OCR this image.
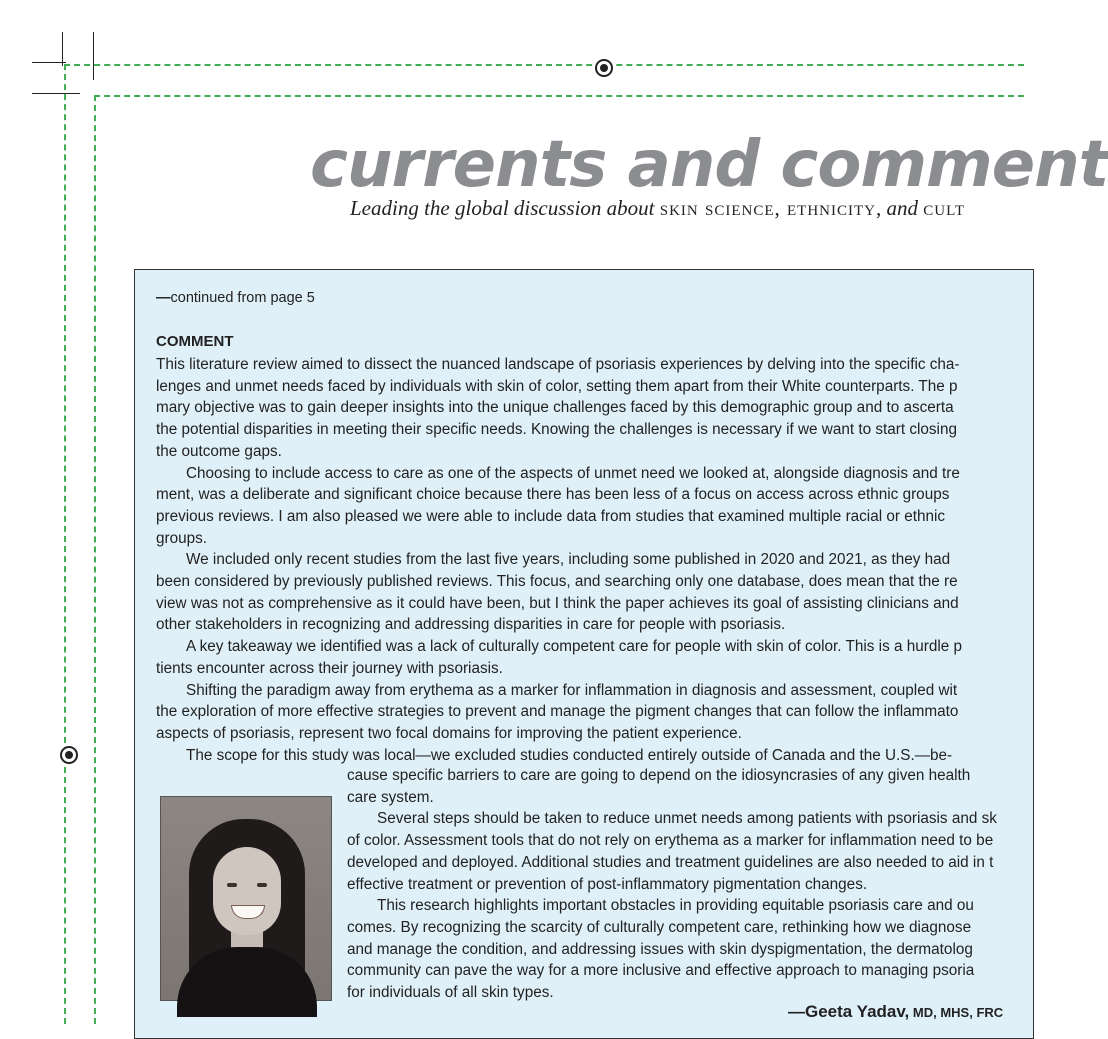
currents and comment
Leading the global discussion about skin science, ethnicity, and cult
—continued from page 5
COMMENT

This literature review aimed to dissect the nuanced landscape of psoriasis experiences by delving into the specific cha-

lenges and unmet needs faced by individuals with skin of color, setting them apart from their White counterparts. The p

mary objective was to gain deeper insights into the unique challenges faced by this demographic group and to ascerta

the potential disparities in meeting their specific needs. Knowing the challenges is necessary if we want to start closing

the outcome gaps.

Choosing to include access to care as one of the aspects of unmet need we looked at, alongside diagnosis and tre

ment, was a deliberate and significant choice because there has been less of a focus on access across ethnic groups

previous reviews. I am also pleased we were able to include data from studies that examined multiple racial or ethnic

groups.

We included only recent studies from the last five years, including some published in 2020 and 2021, as they had

been considered by previously published reviews. This focus, and searching only one database, does mean that the re

view was not as comprehensive as it could have been, but I think the paper achieves its goal of assisting clinicians and

other stakeholders in recognizing and addressing disparities in care for people with psoriasis.

A key takeaway we identified was a lack of culturally competent care for people with skin of color. This is a hurdle p

tients encounter across their journey with psoriasis.

Shifting the paradigm away from erythema as a marker for inflammation in diagnosis and assessment, coupled wit

the exploration of more effective strategies to prevent and manage the pigment changes that can follow the inflammato

aspects of psoriasis, represent two focal domains for improving the patient experience.

The scope for this study was local—we excluded studies conducted entirely outside of Canada and the U.S.—be-

cause specific barriers to care are going to depend on the idiosyncrasies of any given health

care system.

Several steps should be taken to reduce unmet needs among patients with psoriasis and sk

of color. Assessment tools that do not rely on erythema as a marker for inflammation need to be

developed and deployed. Additional studies and treatment guidelines are also needed to aid in t

effective treatment or prevention of post-inflammatory pigmentation changes.

This research highlights important obstacles in providing equitable psoriasis care and ou

comes. By recognizing the scarcity of culturally competent care, rethinking how we diagnose

and manage the condition, and addressing issues with skin dyspigmentation, the dermatolog

community can pave the way for a more inclusive and effective approach to managing psoria

for individuals of all skin types.

—Geeta Yadav, MD, MHS, FRC
